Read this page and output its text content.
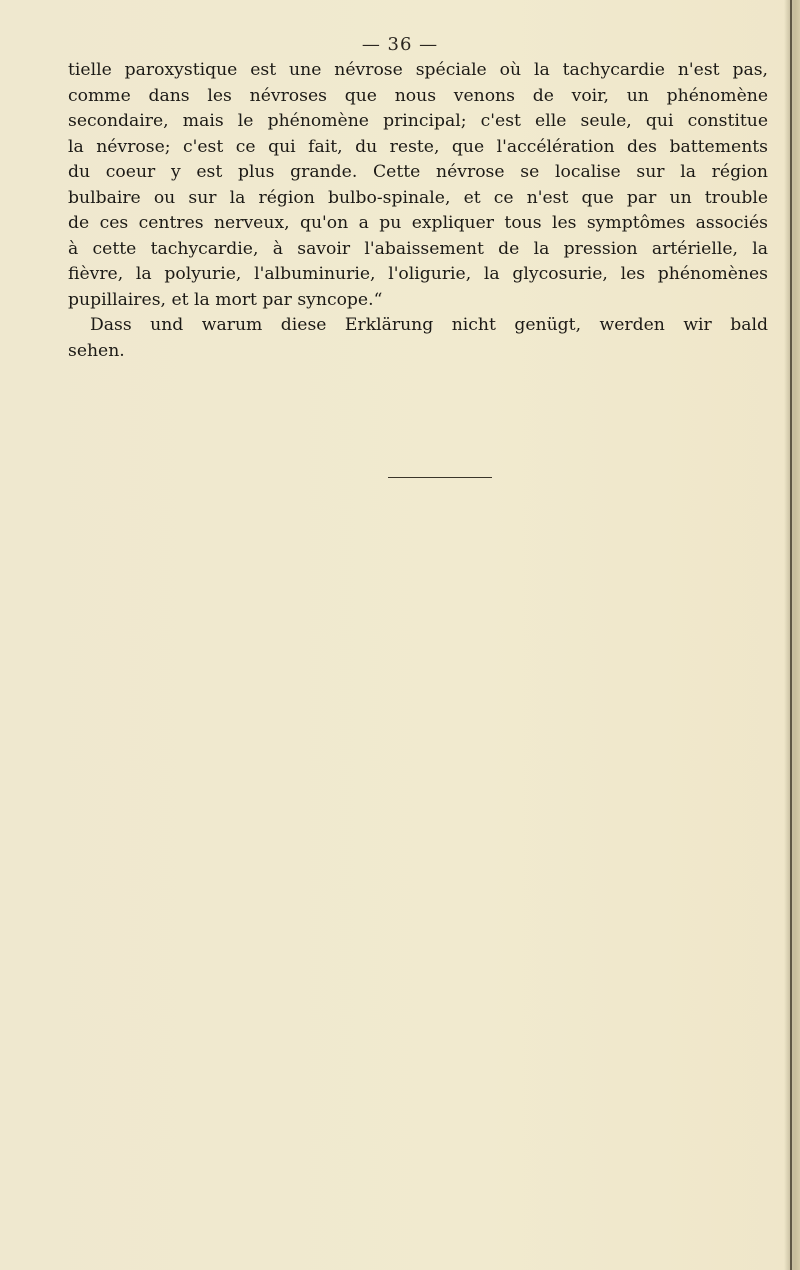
— 36 —
tielle paroxystique est une névrose spéciale où la tachycardie n'est pas,
comme dans les névroses que nous venons de voir, un phénomène
secondaire, mais le phénomène principal; c'est elle seule, qui constitue
la névrose; c'est ce qui fait, du reste, que l'accélération des battements
du coeur y est plus grande. Cette névrose se localise sur la région
bulbaire ou sur la région bulbo-spinale, et ce n'est que par un trouble
de ces centres nerveux, qu'on a pu expliquer tous les symptômes associés
à cette tachycardie, à savoir l'abaissement de la pression artérielle, la
fièvre, la polyurie, l'albuminurie, l'oligurie, la glycosurie, les phénomènes
pupillaires, et la mort par syncope.“
Dass und warum diese Erklärung nicht genügt, werden wir bald
sehen.
